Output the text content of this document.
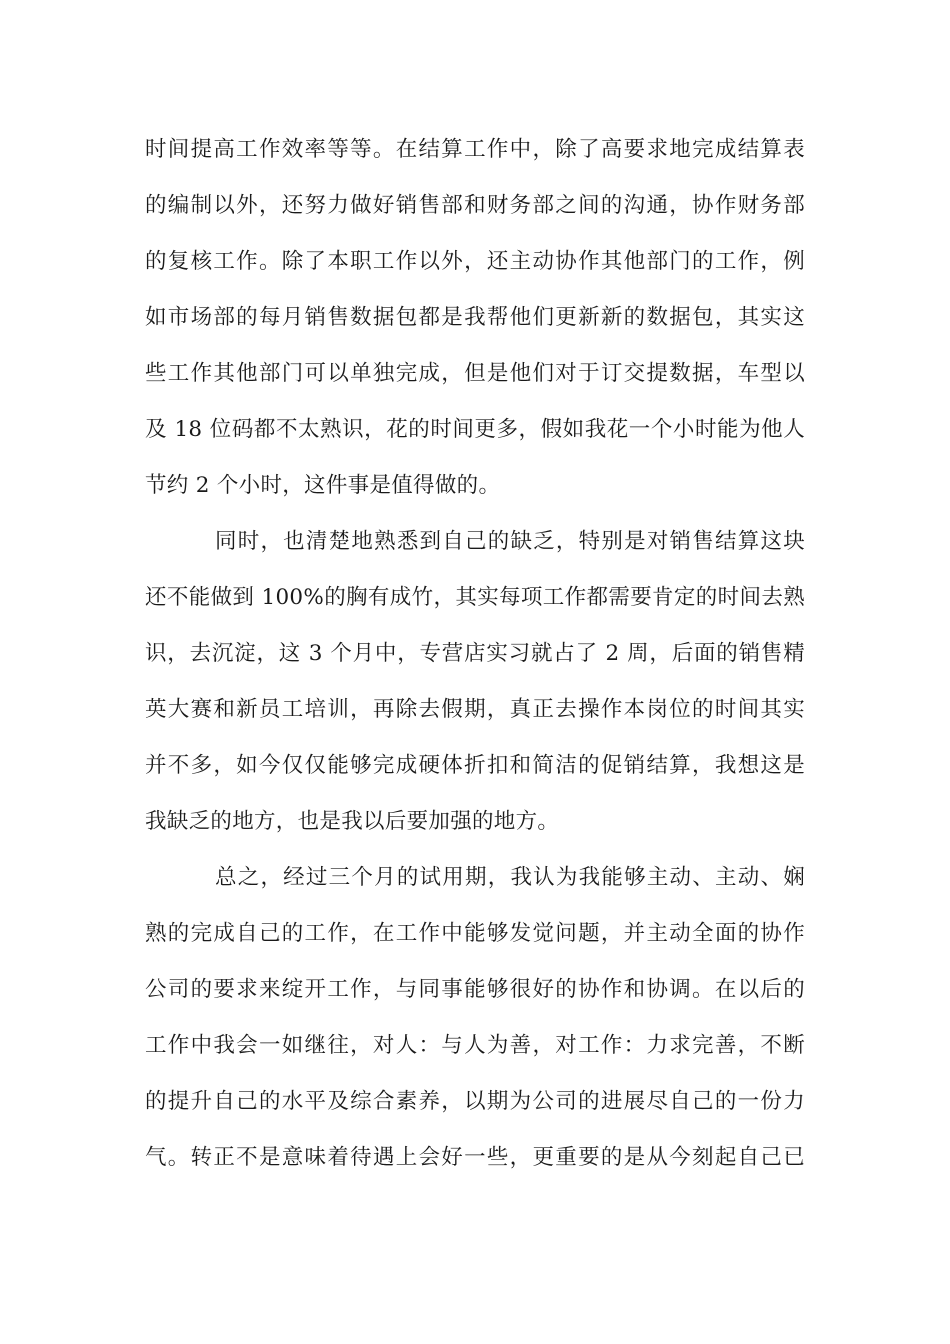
时间提高工作效率等等。在结算工作中，除了高要求地完成结算表
的编制以外，还努力做好销售部和财务部之间的沟通，协作财务部
的复核工作。除了本职工作以外，还主动协作其他部门的工作，例
如市场部的每月销售数据包都是我帮他们更新新的数据包，其实这
些工作其他部门可以单独完成，但是他们对于订交提数据，车型以
及 18 位码都不太熟识，花的时间更多，假如我花一个小时能为他人
节约 2 个小时，这件事是值得做的。
同时，也清楚地熟悉到自己的缺乏，特别是对销售结算这块
还不能做到 100%的胸有成竹，其实每项工作都需要肯定的时间去熟
识，去沉淀，这 3 个月中，专营店实习就占了 2 周，后面的销售精
英大赛和新员工培训，再除去假期，真正去操作本岗位的时间其实
并不多，如今仅仅能够完成硬体折扣和简洁的促销结算，我想这是
我缺乏的地方，也是我以后要加强的地方。
总之，经过三个月的试用期，我认为我能够主动、主动、娴
熟的完成自己的工作，在工作中能够发觉问题，并主动全面的协作
公司的要求来绽开工作，与同事能够很好的协作和协调。在以后的
工作中我会一如继往，对人：与人为善，对工作：力求完善，不断
的提升自己的水平及综合素养，以期为公司的进展尽自己的一份力
气。转正不是意味着待遇上会好一些，更重要的是从今刻起自己已
